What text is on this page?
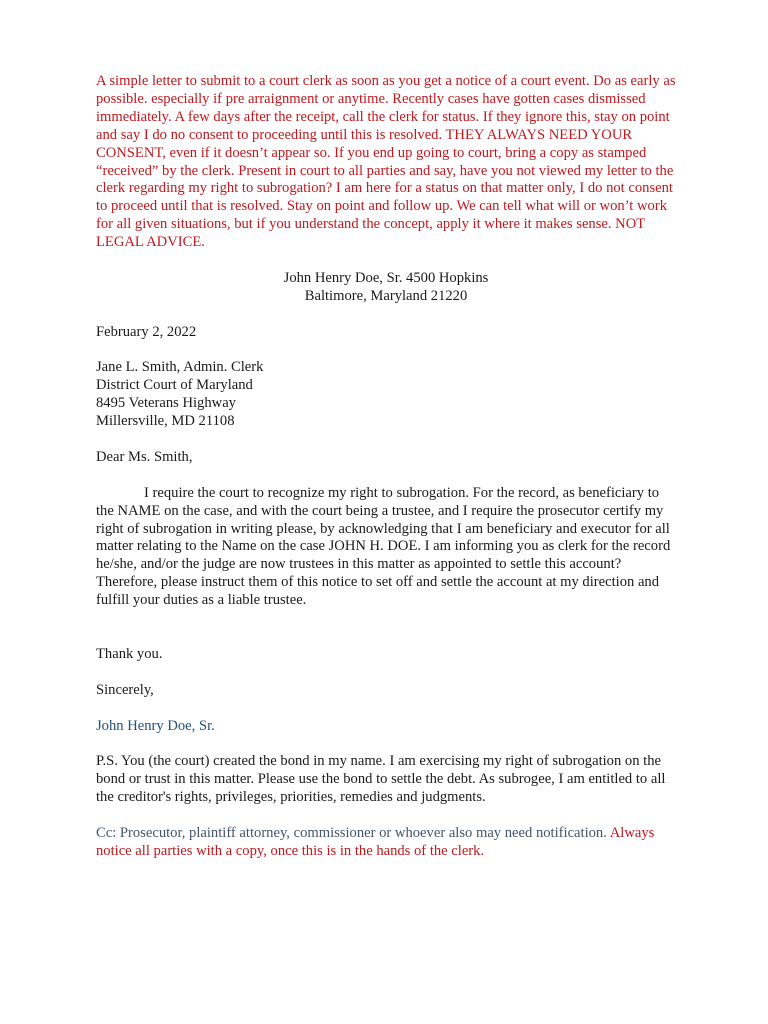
A simple letter to submit to a court clerk as soon as you get a notice of a court event. Do as early as possible. especially if pre arraignment or anytime. Recently cases have gotten cases dismissed immediately. A few days after the receipt, call the clerk for status. If they ignore this, stay on point and say I do no consent to proceeding until this is resolved. THEY ALWAYS NEED YOUR CONSENT, even if it doesn’t appear so. If you end up going to court, bring a copy as stamped “received” by the clerk. Present in court to all parties and say, have you not viewed my letter to the clerk regarding my right to subrogation? I am here for a status on that matter only, I do not consent to proceed until that is resolved. Stay on point and follow up. We can tell what will or won’t work for all given situations, but if you understand the concept, apply it where it makes sense. NOT LEGAL ADVICE.

John Henry Doe, Sr. 4500 Hopkins

Baltimore, Maryland 21220

February 2, 2022

Jane L. Smith, Admin. Clerk

District Court of Maryland

8495 Veterans Highway

Millersville, MD 21108

Dear Ms. Smith,

I require the court to recognize my right to subrogation. For the record, as beneficiary to the NAME on the case, and with the court being a trustee, and I require the prosecutor certify my right of subrogation in writing please, by acknowledging that I am beneficiary and executor for all matter relating to the Name on the case JOHN H. DOE. I am informing you as clerk for the record he/she, and/or the judge are now trustees in this matter as appointed to settle this account? Therefore, please instruct them of this notice to set off and settle the account at my direction and fulfill your duties as a liable trustee.

Thank you.

Sincerely,

John Henry Doe, Sr.

P.S. You (the court) created the bond in my name. I am exercising my right of subrogation on the bond or trust in this matter. Please use the bond to settle the debt. As subrogee, I am entitled to all the creditor's rights, privileges, priorities, remedies and judgments.

Cc: Prosecutor, plaintiff attorney, commissioner or whoever also may need notification. Always notice all parties with a copy, once this is in the hands of the clerk.
